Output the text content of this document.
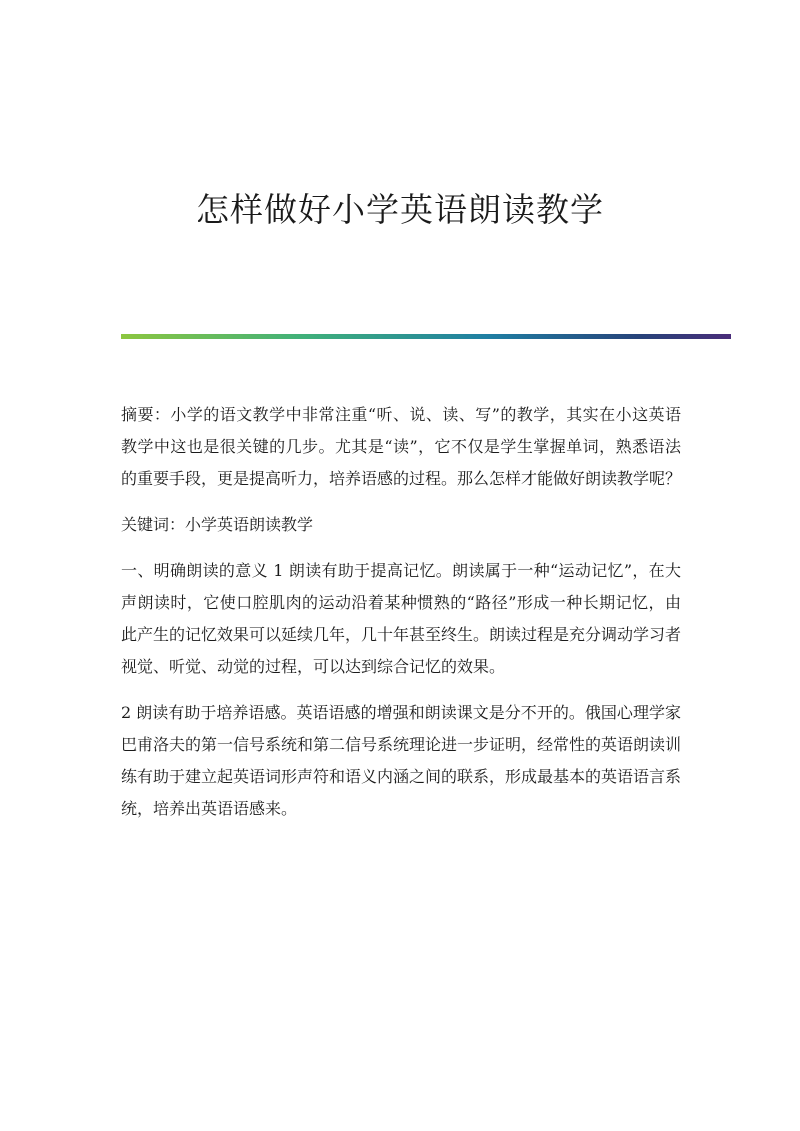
怎样做好小学英语朗读教学

摘要：小学的语文教学中非常注重“听、说、读、写”的教学，其实在小这英语教学中这也是很关键的几步。尤其是“读”，它不仅是学生掌握单词，熟悉语法的重要手段，更是提高听力，培养语感的过程。那么怎样才能做好朗读教学呢？

关键词：小学英语朗读教学

一、明确朗读的意义 1 朗读有助于提高记忆。朗读属于一种“运动记忆”，在大声朗读时，它使口腔肌肉的运动沿着某种惯熟的“路径”形成一种长期记忆，由此产生的记忆效果可以延续几年，几十年甚至终生。朗读过程是充分调动学习者视觉、听觉、动觉的过程，可以达到综合记忆的效果。

2 朗读有助于培养语感。英语语感的增强和朗读课文是分不开的。俄国心理学家巴甫洛夫的第一信号系统和第二信号系统理论进一步证明，经常性的英语朗读训练有助于建立起英语词形声符和语义内涵之间的联系，形成最基本的英语语言系统，培养出英语语感来。
